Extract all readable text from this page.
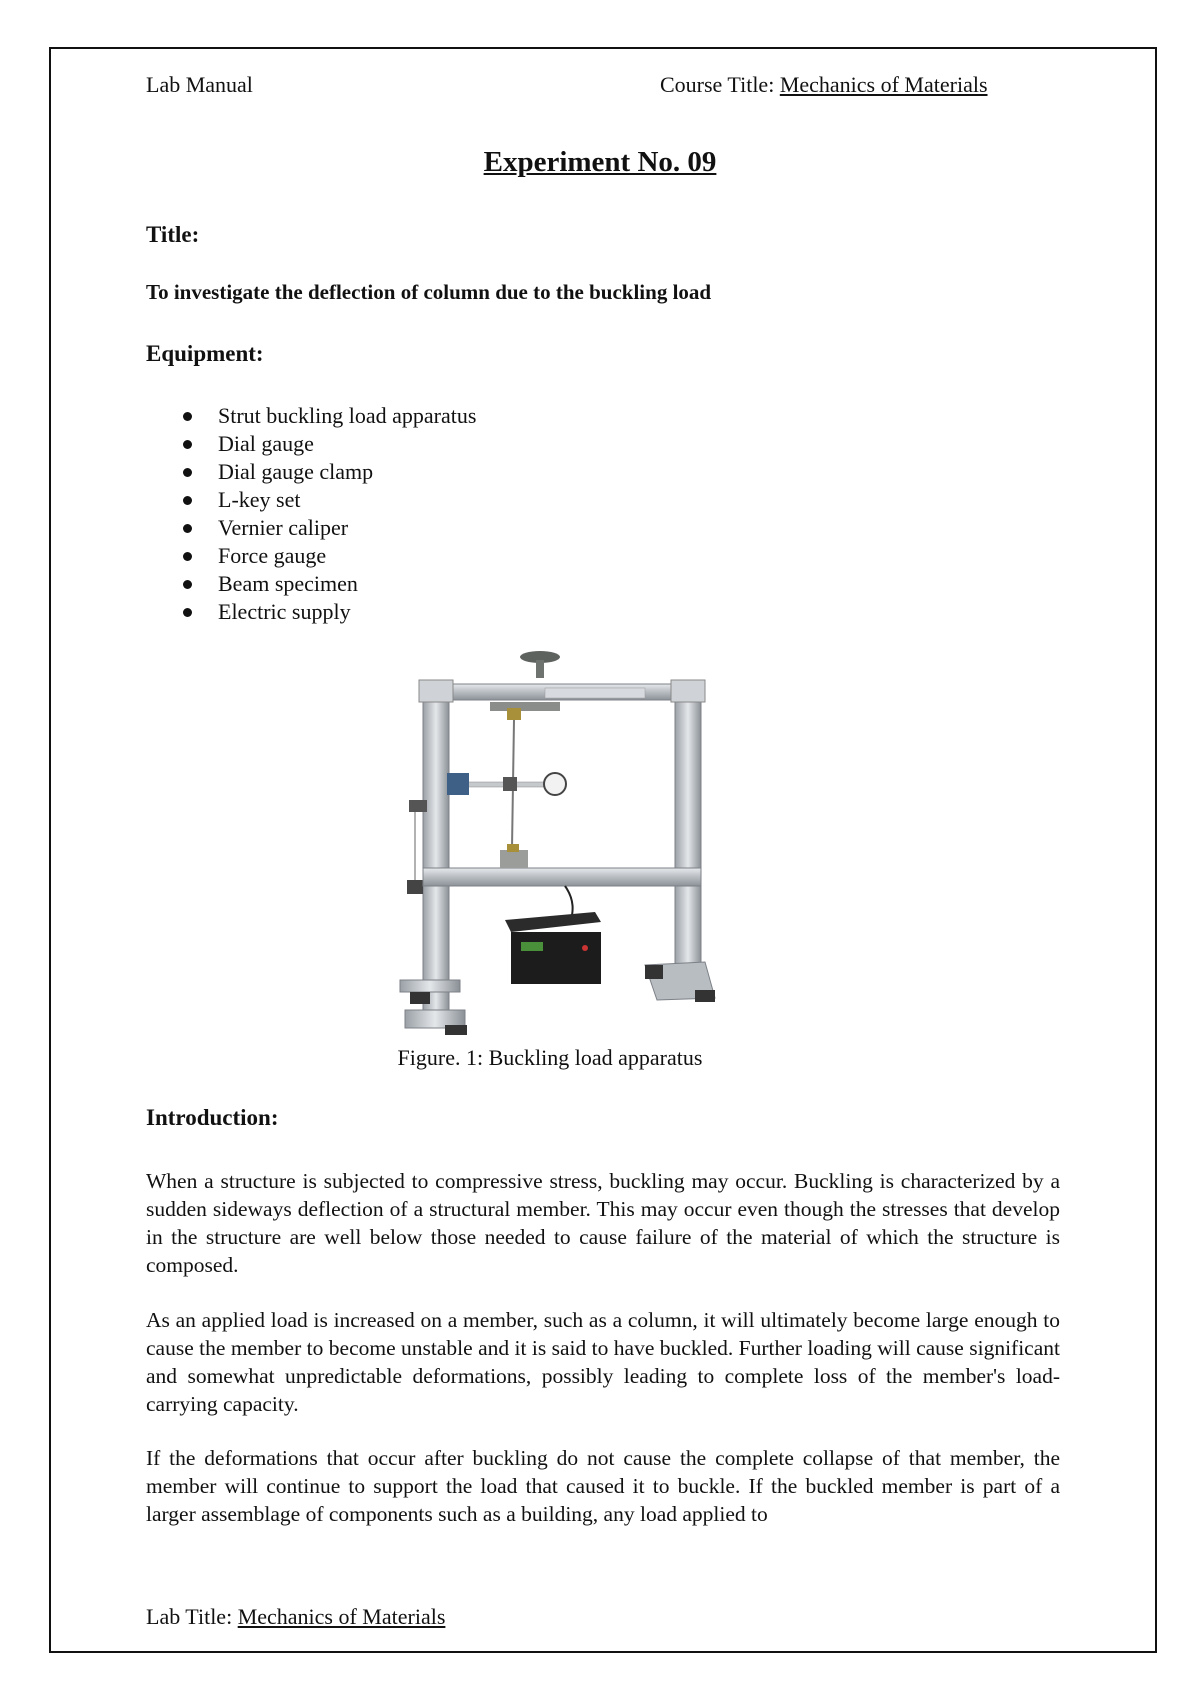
Lab Manual	Course Title: Mechanics of Materials
Experiment No. 09
Title:
To investigate the deflection of column due to the buckling load
Equipment:
Strut buckling load apparatus
Dial gauge
Dial gauge clamp
L-key set
Vernier caliper
Force gauge
Beam specimen
Electric supply
Figure. 1: Buckling load apparatus
Introduction:

When a structure is subjected to compressive stress, buckling may occur. Buckling is characterized by a sudden sideways deflection of a structural member. This may occur even though the stresses that develop in the structure are well below those needed to cause failure of the material of which the structure is composed.

As an applied load is increased on a member, such as a column, it will ultimately become large enough to cause the member to become unstable and it is said to have buckled. Further loading will cause significant and somewhat unpredictable deformations, possibly leading to complete loss of the member's load-carrying capacity.

If the deformations that occur after buckling do not cause the complete collapse of that member, the member will continue to support the load that caused it to buckle. If the buckled member is part of a larger assemblage of components such as a building, any load applied to

Lab Title: Mechanics of Materials
